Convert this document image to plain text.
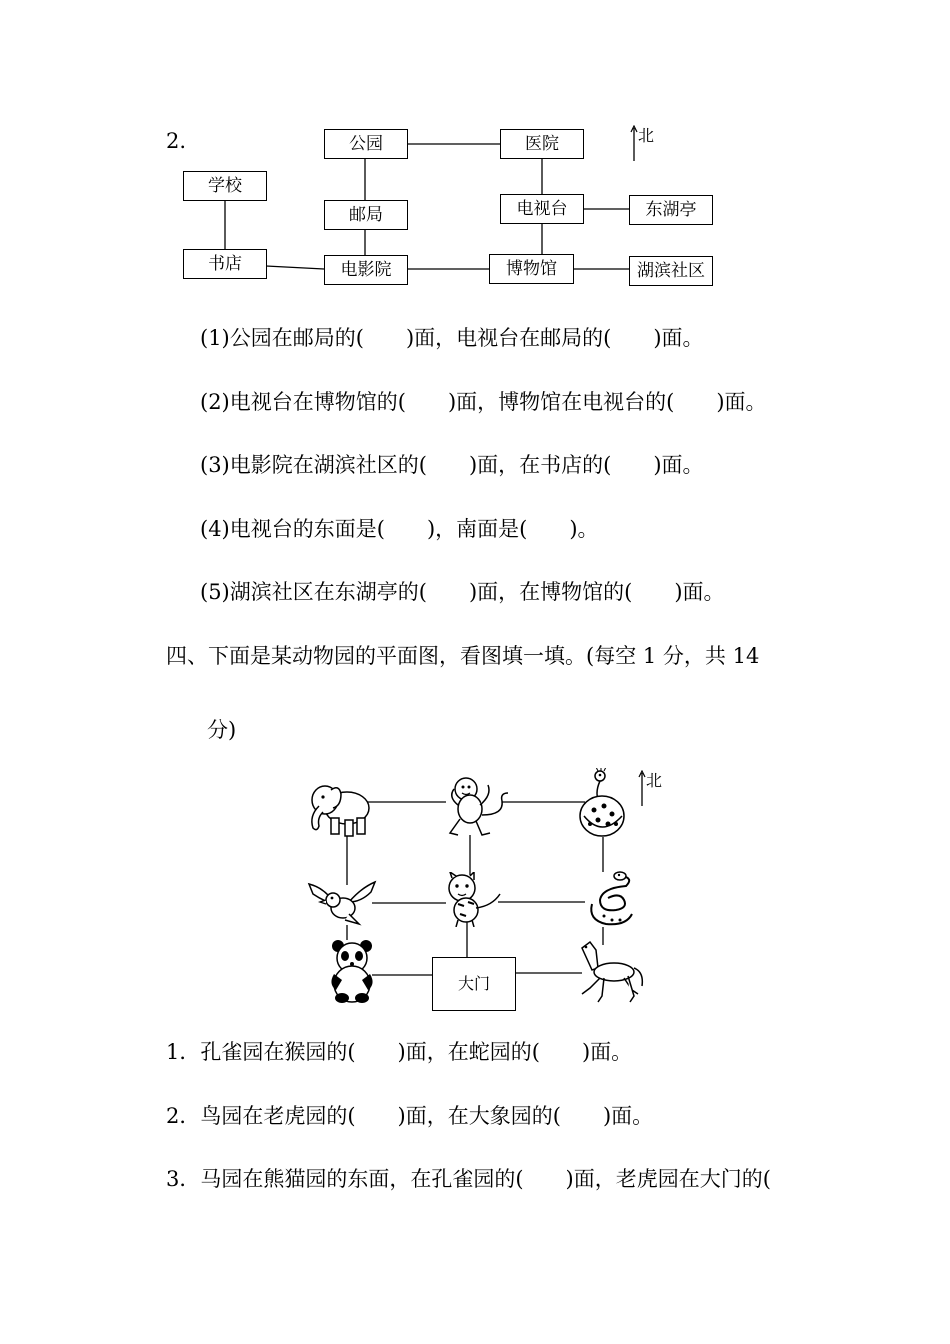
2.	公园	医院
学校
邮局	电视台	东湖亭
书店	电影院	博物馆	湖滨社区
北
(1)公园在邮局的(　　)面，电视台在邮局的(　　)面。
(2)电视台在博物馆的(　　)面，博物馆在电视台的(　　)面。
(3)电影院在湖滨社区的(　　)面，在书店的(　　)面。
(4)电视台的东面是(　　)，南面是(　　)。
(5)湖滨社区在东湖亭的(　　)面，在博物馆的(　　)面。
四、下面是某动物园的平面图，看图填一填。(每空 1 分，共 14
分)
大门
北
1．孔雀园在猴园的(　　)面，在蛇园的(　　)面。
2．鸟园在老虎园的(　　)面，在大象园的(　　)面。
3．马园在熊猫园的东面，在孔雀园的(　　)面，老虎园在大门的(
